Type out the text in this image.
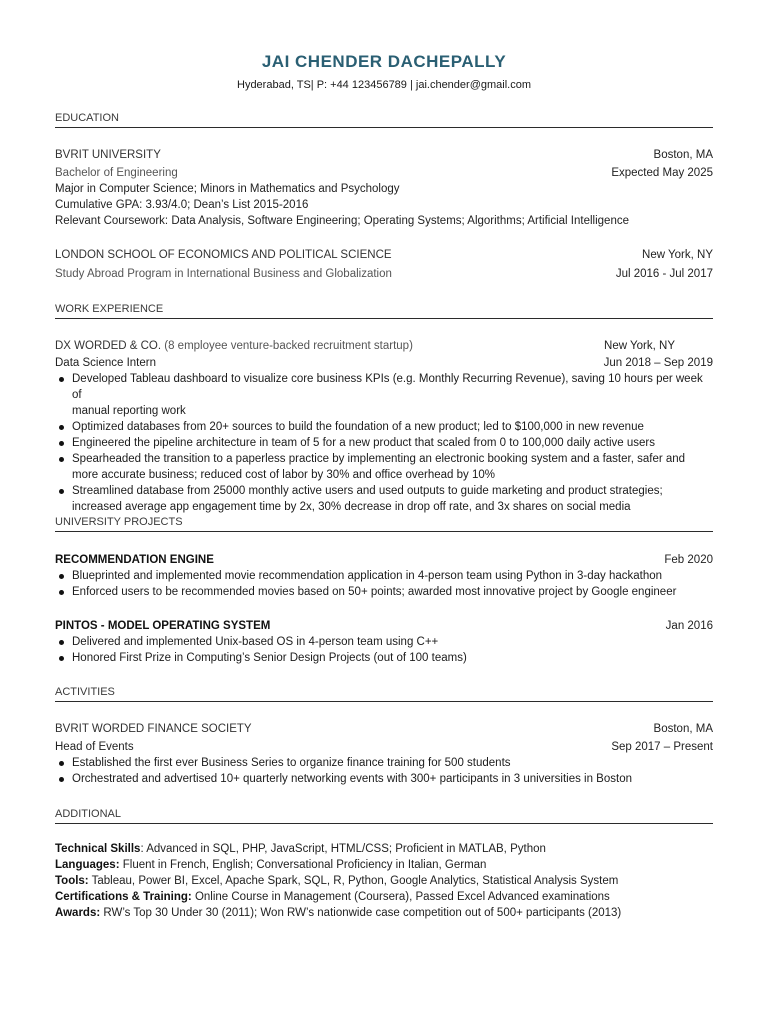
JAI CHENDER DACHEPALLY
Hyderabad, TS| P: +44 123456789 | jai.chender@gmail.com
EDUCATION
BVRIT UNIVERSITY	Boston, MA
Bachelor of Engineering	Expected May 2025
Major in Computer Science; Minors in Mathematics and Psychology
Cumulative GPA: 3.93/4.0; Dean’s List 2015-2016
Relevant Coursework: Data Analysis, Software Engineering; Operating Systems; Algorithms; Artificial Intelligence
LONDON SCHOOL OF ECONOMICS AND POLITICAL SCIENCE	New York, NY
Study Abroad Program in International Business and Globalization	Jul 2016 - Jul 2017
WORK EXPERIENCE
DX WORDED & CO. (8 employee venture-backed recruitment startup)	New York, NY
Data Science Intern	Jun 2018 – Sep 2019
Developed Tableau dashboard to visualize core business KPIs (e.g. Monthly Recurring Revenue), saving 10 hours per week of
manual reporting work
Optimized databases from 20+ sources to build the foundation of a new product; led to $100,000 in new revenue
Engineered the pipeline architecture in team of 5 for a new product that scaled from 0 to 100,000 daily active users
Spearheaded the transition to a paperless practice by implementing an electronic booking system and a faster, safer and
more accurate business; reduced cost of labor by 30% and office overhead by 10%
Streamlined database from 25000 monthly active users and used outputs to guide marketing and product strategies;
increased average app engagement time by 2x, 30% decrease in drop off rate, and 3x shares on social media
UNIVERSITY PROJECTS
RECOMMENDATION ENGINE	Feb 2020
Blueprinted and implemented movie recommendation application in 4-person team using Python in 3-day hackathon
Enforced users to be recommended movies based on 50+ points; awarded most innovative project by Google engineer
PINTOS - MODEL OPERATING SYSTEM	Jan 2016
Delivered and implemented Unix-based OS in 4-person team using C++
Honored First Prize in Computing’s Senior Design Projects (out of 100 teams)
ACTIVITIES
BVRIT WORDED FINANCE SOCIETY	Boston, MA
Head of Events	Sep 2017 – Present
Established the first ever Business Series to organize finance training for 500 students
Orchestrated and advertised 10+ quarterly networking events with 300+ participants in 3 universities in Boston
ADDITIONAL
Technical Skills: Advanced in SQL, PHP, JavaScript, HTML/CSS; Proficient in MATLAB, Python
Languages: Fluent in French, English; Conversational Proficiency in Italian, German
Tools: Tableau, Power BI, Excel, Apache Spark, SQL, R, Python, Google Analytics, Statistical Analysis System
Certifications & Training: Online Course in Management (Coursera), Passed Excel Advanced examinations
Awards: RW’s Top 30 Under 30 (2011); Won RW’s nationwide case competition out of 500+ participants (2013)
